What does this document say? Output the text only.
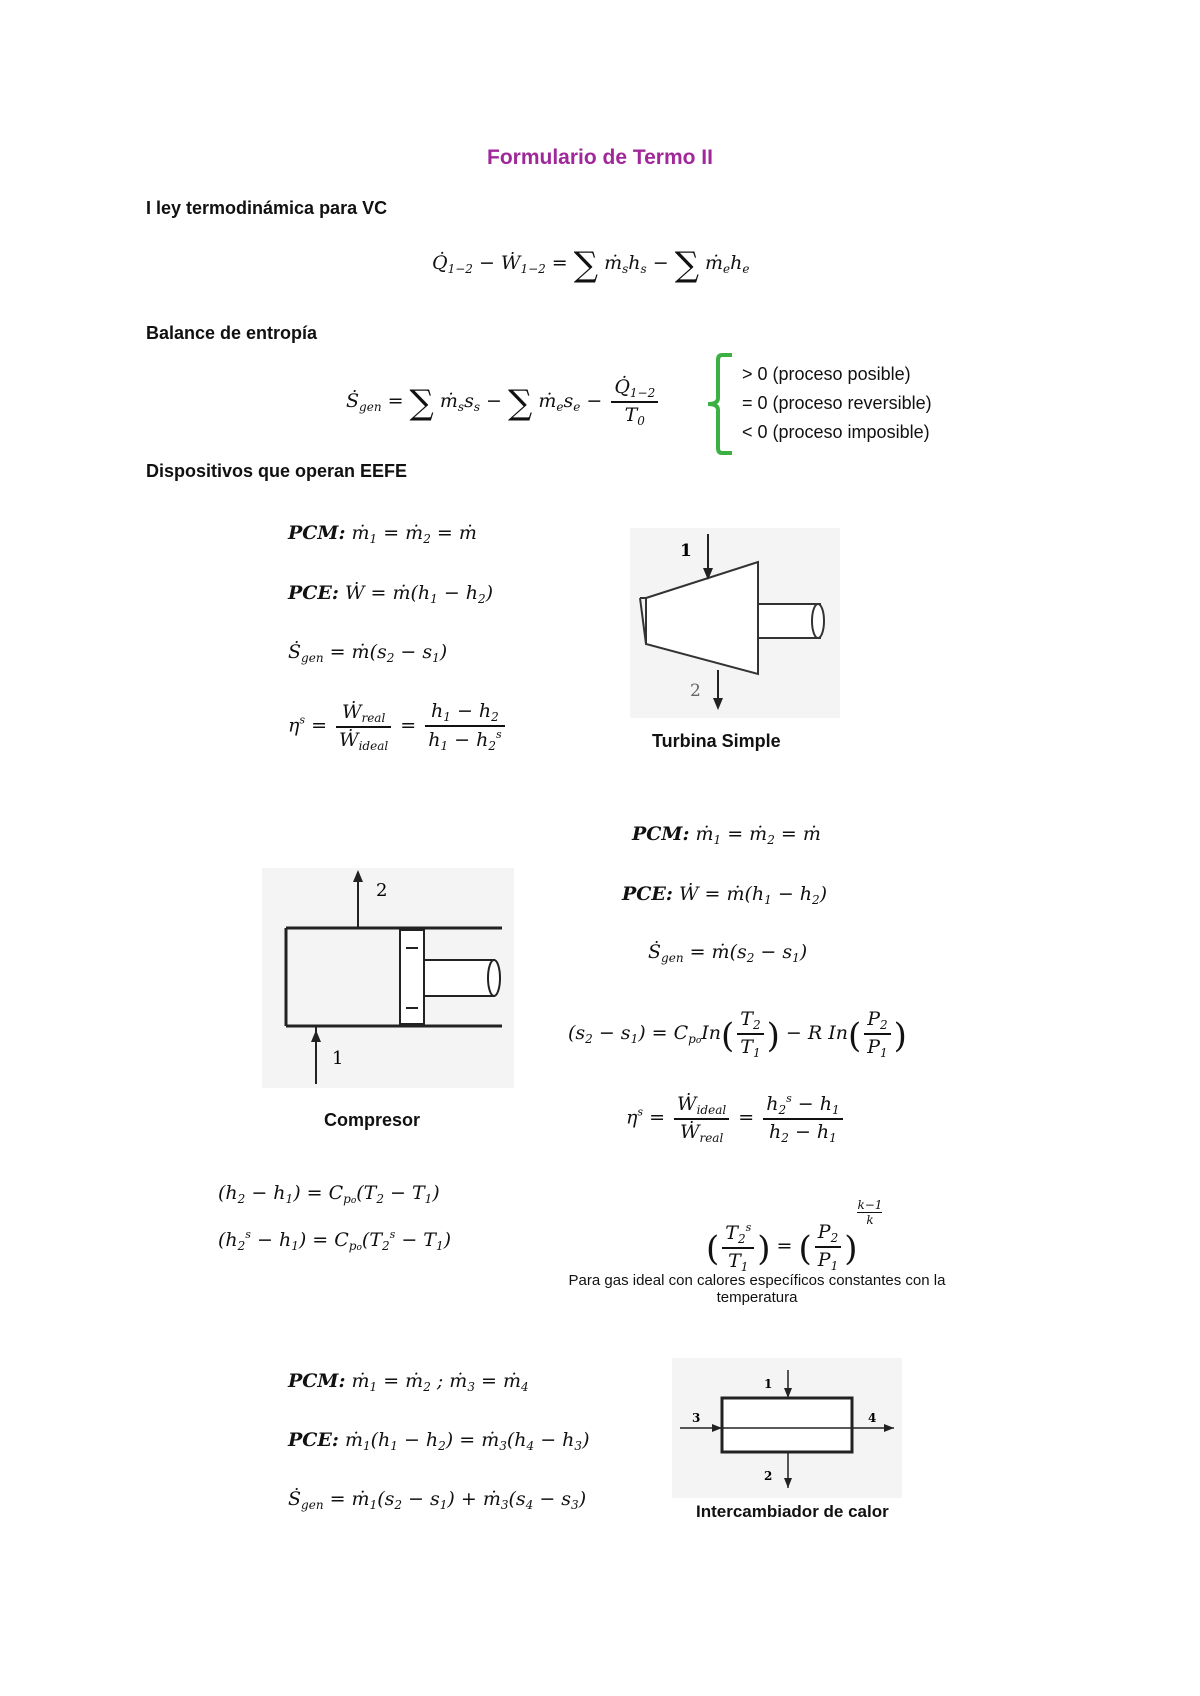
Formulario de Termo II
I ley termodinámica para VC
$Q̇_{1-2}$ − Ẇ$_{1-2}$ = ∑ $ṁ_sh_s$ − ∑ $ṁ_eh_e$
Balance de entropía
Ṡ$_{gen}$ = ∑ $ṁ_ss_s$ − ∑ $ṁ_es_e - \frac{Q̇_{1-2}}{T_0}$
> 0 (proceso posible)
= 0 (proceso reversible)
< 0 (proceso imposible)
Dispositivos que operan EEFE
PCM: ṁ$_1$ = ṁ$_2$ = ṁ
PCE: Ẇ = $ṁ(h_1 - h_2)$
Ṡ$_{gen}$ = $ṁ(s_2 - s_1)$
$\eta^s = \frac{Ẇ_{real}}{Ẇ_{ideal}} = \frac{h_1 - h_2}{h_1 - h_2^s}$
1
2
Turbina Simple
PCM: ṁ$_1$ = ṁ$_2$ = ṁ
PCE: Ẇ = $ṁ(h_1 - h_2)$
Ṡ$_{gen}$ = $ṁ(s_2 - s_1)$
$(s_2 - s_1) = C_{po}In( \frac{T_2}{T_1}$ ) − R $In( \frac{P_2}{P_1}$ )
$\eta^s = \frac{Ẇ_{ideal}}{Ẇ_{real}} = \frac{h_2^s - h_1}{h_2 - h_1}$
2
1
Compresor
$(h_2 - h_1) = C_{po}(T_2 - T_1)$
$(h_2^s - h_1) = C_{po}(T_2^s - T_1)$	( $\frac{T_2^s}{T_1}$ ) = ( $\frac{P_2}{P_1}$ )
$\frac{k-1}{k}$
Para gas ideal con calores específicos constantes con la temperatura
PCM: ṁ$_1$ = ṁ$_2$ ; ṁ$_3$ = ṁ$_4$
PCE: $ṁ_1(h_1 - h_2)$ = $ṁ_3(h_4 - h_3)$
Ṡ$_{gen}$ = $ṁ_1(s_2 - s_1)$ + $ṁ_3(s_4 - s_3)$
1
2
3	4
Intercambiador de calor
